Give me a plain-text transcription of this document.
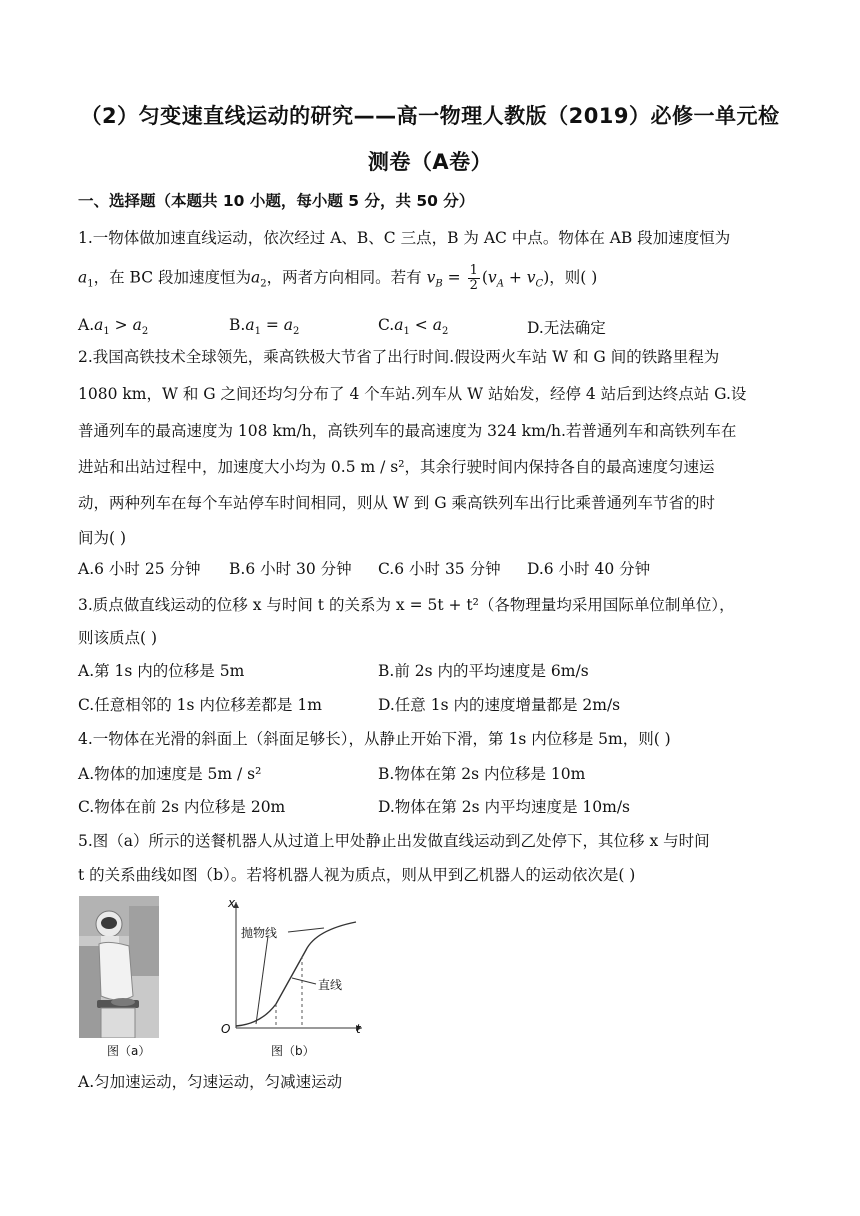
（2）匀变速直线运动的研究——高一物理人教版（2019）必修一单元检
测卷（A卷）
一、选择题（本题共 10 小题，每小题 5 分，共 50 分）
1.一物体做加速直线运动，依次经过 A、B、C 三点，B 为 AC 中点。物体在 AB 段加速度恒为
$a_1$，在 BC 段加速度恒为$a_2$，两者方向相同。若有 $v_B = \frac{1}{2} (v_A + v_C)$，则( )
$A.a_1 > a_2$	$B.a_1 = a_2$	$C.a_1 < a_2$	D.无法确定
2.我国高铁技术全球领先，乘高铁极大节省了出行时间.假设两火车站 W 和 G 间的铁路里程为
1080 km，W 和 G 之间还均匀分布了 4 个车站.列车从 W 站始发，经停 4 站后到达终点站 G.设
普通列车的最高速度为 108 km/h，高铁列车的最高速度为 324 km/h.若普通列车和高铁列车在
进站和出站过程中，加速度大小均为 0.5 m / s²，其余行驶时间内保持各自的最高速度匀速运
动，两种列车在每个车站停车时间相同，则从 W 到 G 乘高铁列车出行比乘普通列车节省的时
间为( )
A.6 小时 25 分钟 B.6 小时 30 分钟 C.6 小时 35 分钟 D.6 小时 40 分钟
3.质点做直线运动的位移 x 与时间 t 的关系为 x = 5t + t²（各物理量均采用国际单位制单位），
则该质点( )
A.第 1s 内的位移是 5m	B.前 2s 内的平均速度是 6m/s
C.任意相邻的 1s 内位移差都是 1m	D.任意 1s 内的速度增量都是 2m/s
4.一物体在光滑的斜面上（斜面足够长），从静止开始下滑，第 1s 内位移是 5m，则( )
A.物体的加速度是 5m / s²	B.物体在第 2s 内位移是 10m
C.物体在前 2s 内位移是 20m	D.物体在第 2s 内平均速度是 10m/s
5.图（a）所示的送餐机器人从过道上甲处静止出发做直线运动到乙处停下，其位移 x 与时间
t 的关系曲线如图（b）。若将机器人视为质点，则从甲到乙机器人的运动依次是( )
图（a）
x
t
O
抛物线
直线
图（b）
A.匀加速运动，匀速运动，匀减速运动
